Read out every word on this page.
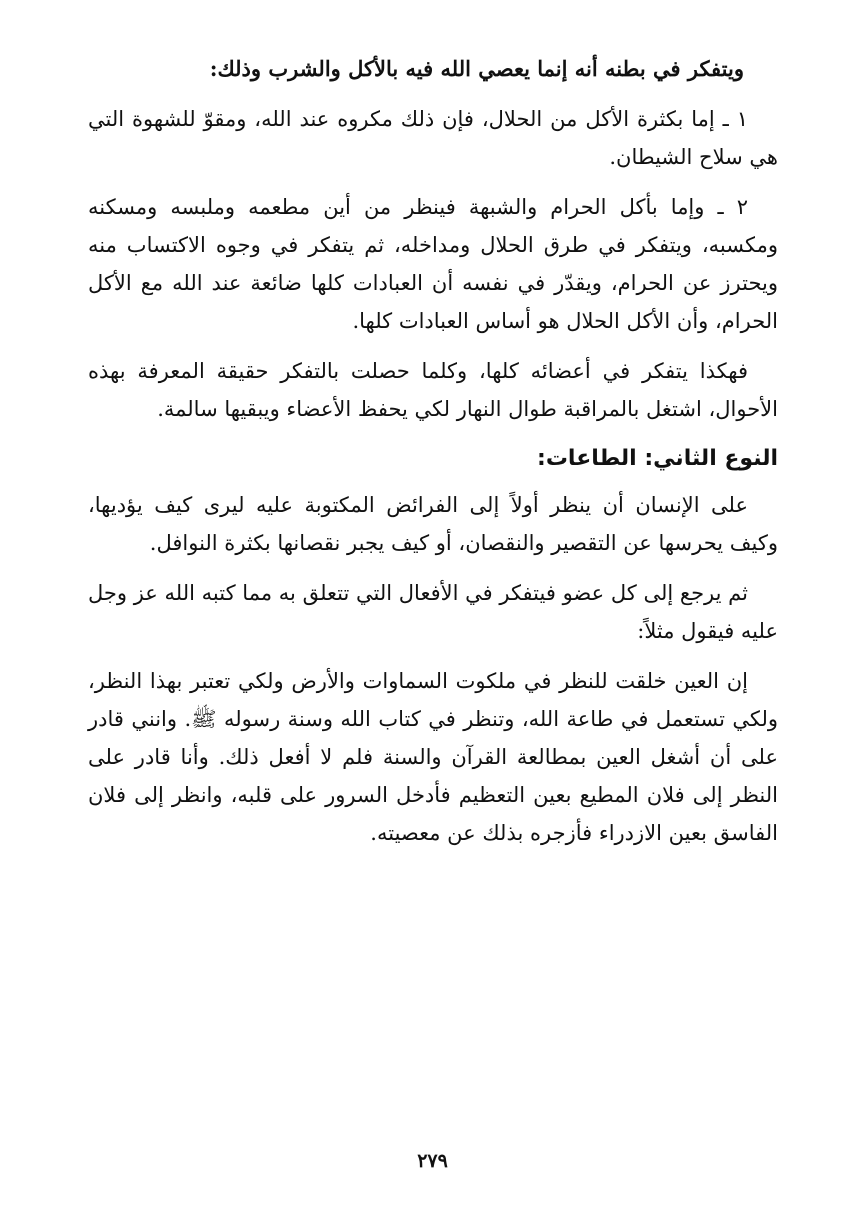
ويتفكر في بطنه أنه إنما يعصي الله فيه بالأكل والشرب وذلك:

١ ـ إما بكثرة الأكل من الحلال، فإن ذلك مكروه عند الله، ومقوّ للشهوة التي هي سلاح الشيطان.

٢ ـ وإما بأكل الحرام والشبهة فينظر من أين مطعمه وملبسه ومسكنه ومكسبه، ويتفكر في طرق الحلال ومداخله، ثم يتفكر في وجوه الاكتساب منه ويحترز عن الحرام، ويقدّر في نفسه أن العبادات كلها ضائعة عند الله مع الأكل الحرام، وأن الأكل الحلال هو أساس العبادات كلها.

فهكذا يتفكر في أعضائه كلها، وكلما حصلت بالتفكر حقيقة المعرفة بهذه الأحوال، اشتغل بالمراقبة طوال النهار لكي يحفظ الأعضاء ويبقيها سالمة.

النوع الثاني: الطاعات:

على الإنسان أن ينظر أولاً إلى الفرائض المكتوبة عليه ليرى كيف يؤديها، وكيف يحرسها عن التقصير والنقصان، أو كيف يجبر نقصانها بكثرة النوافل.

ثم يرجع إلى كل عضو فيتفكر في الأفعال التي تتعلق به مما كتبه الله عز وجل عليه فيقول مثلاً:

إن العين خلقت للنظر في ملكوت السماوات والأرض ولكي تعتبر بهذا النظر، ولكي تستعمل في طاعة الله، وتنظر في كتاب الله وسنة رسوله ﷺ. وانني قادر على أن أشغل العين بمطالعة القرآن والسنة فلم لا أفعل ذلك. وأنا قادر على النظر إلى فلان المطيع بعين التعظيم فأدخل السرور على قلبه، وانظر إلى فلان الفاسق بعين الازدراء فأزجره بذلك عن معصيته.

٢٧٩
